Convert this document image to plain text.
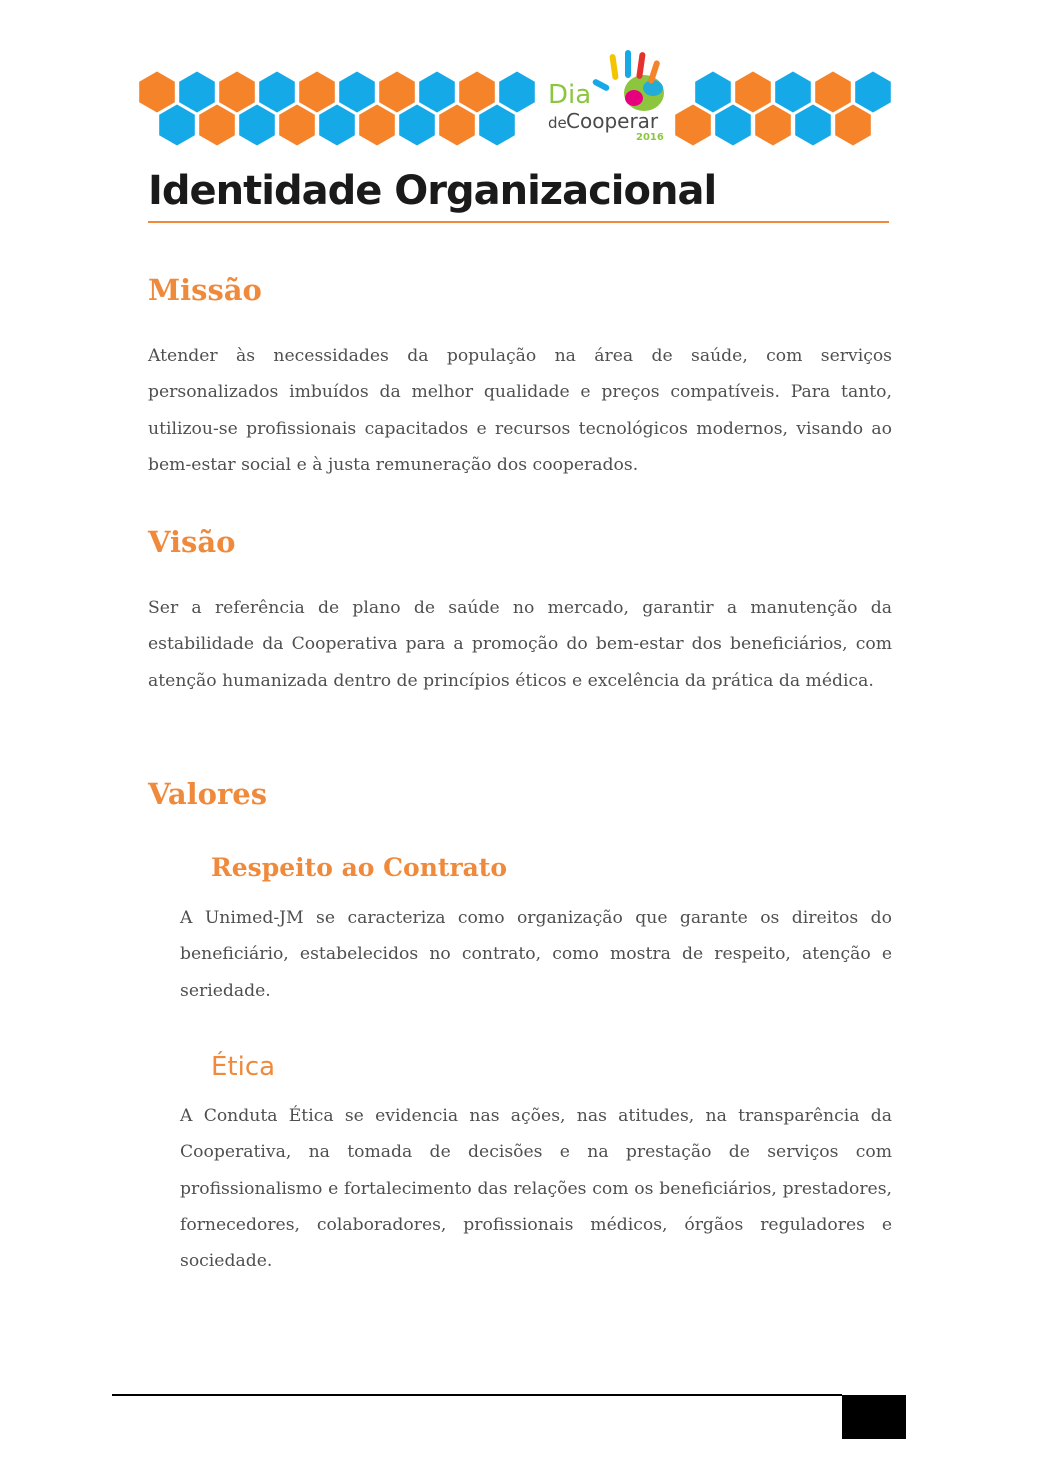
Dia
de Cooperar
2016
Identidade Organizacional
Missão

Atender às necessidades da população na área de saúde, com serviços personalizados imbuídos da melhor qualidade e preços compatíveis. Para tanto, utilizou-se profissionais capacitados e recursos tecnológicos modernos, visando ao bem-estar social e à justa remuneração dos cooperados.

Visão

Ser a referência de plano de saúde no mercado, garantir a manutenção da estabilidade da Cooperativa para a promoção do bem-estar dos beneficiários, com atenção humanizada dentro de princípios éticos e excelência da prática da médica.

Valores
Respeito ao Contrato

A Unimed-JM se caracteriza como organização que garante os direitos do beneficiário, estabelecidos no contrato, como mostra de respeito, atenção e seriedade.

Ética

A Conduta Ética se evidencia nas ações, nas atitudes, na transparência da Cooperativa, na tomada de decisões e na prestação de serviços com profissionalismo e fortalecimento das relações com os beneficiários, prestadores, fornecedores, colaboradores, profissionais médicos, órgãos reguladores e sociedade.
